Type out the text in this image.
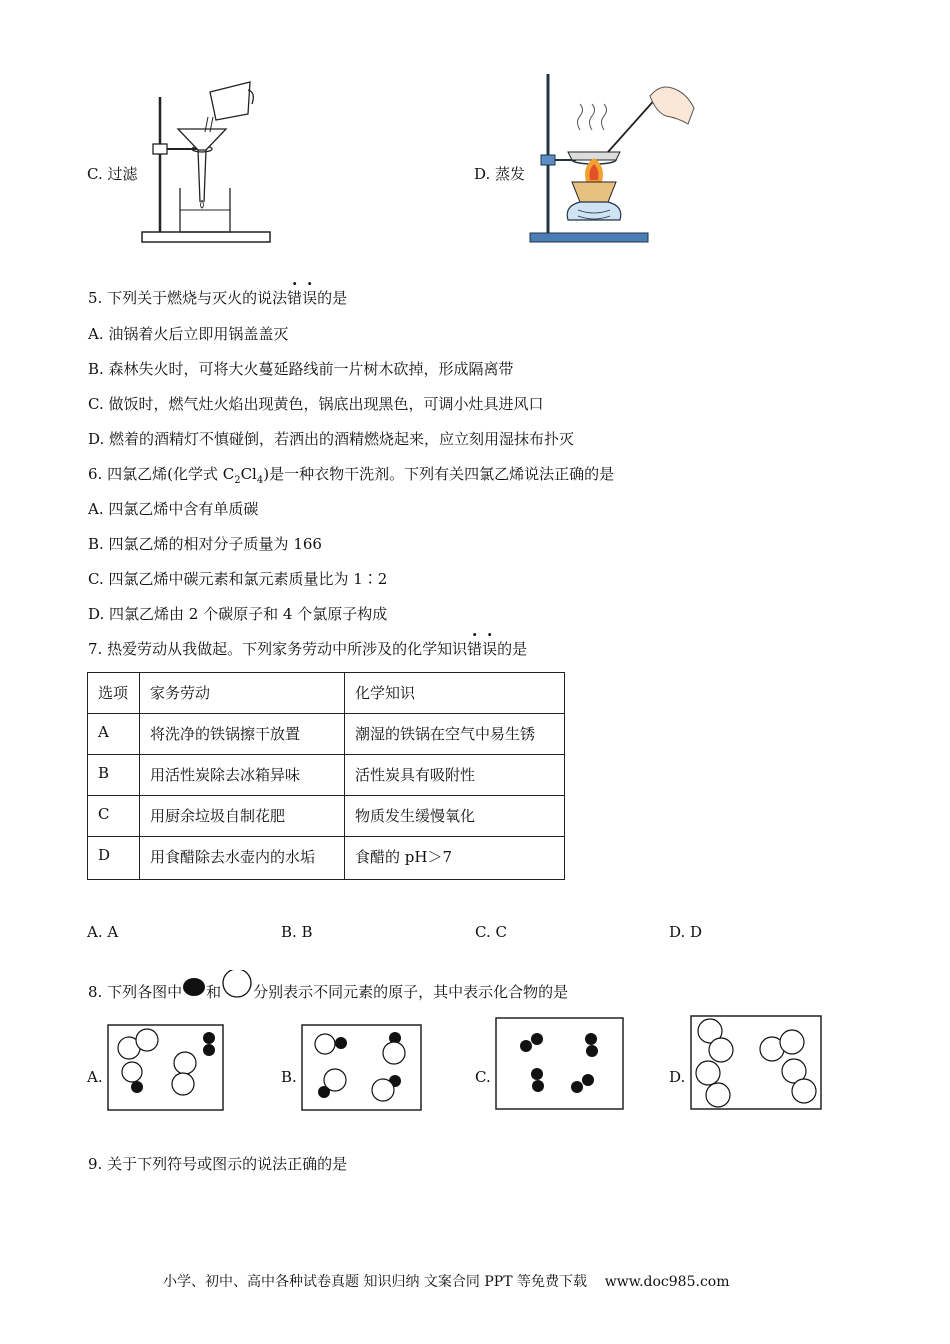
C. 过滤	D. 蒸发
5. 下列关于燃烧与灭火的说法错误的是
A. 油锅着火后立即用锅盖盖灭
B. 森林失火时，可将大火蔓延路线前一片树木砍掉，形成隔离带
C. 做饭时，燃气灶火焰出现黄色，锅底出现黑色，可调小灶具进风口
D. 燃着的酒精灯不慎碰倒，若洒出的酒精燃烧起来，应立刻用湿抹布扑灭
6. 四氯乙烯(化学式 $C_2Cl_4$)是一种衣物干洗剂。下列有关四氯乙烯说法正确的是
A. 四氯乙烯中含有单质碳
B. 四氯乙烯的相对分子质量为 166
C. 四氯乙烯中碳元素和氯元素质量比为 1∶2
D. 四氯乙烯由 2 个碳原子和 4 个氯原子构成
7. 热爱劳动从我做起。下列家务劳动中所涉及的化学知识错误的是
选项	家务劳动	化学知识
A	将洗净的铁锅擦干放置	潮湿的铁锅在空气中易生锈
B	用活性炭除去冰箱异味	活性炭具有吸附性
C	用厨余垃圾自制花肥	物质发生缓慢氧化
D	用食醋除去水壶内的水垢	食醋的 pH＞7
A. A	B. B	C. C	D. D
8. 下列各图中 和 分别表示不同元素的原子，其中表示化合物的是
A.	B.	C.	D.
9. 关于下列符号或图示的说法正确的是
小学、初中、高中各种试卷真题 知识归纳 文案合同 PPT 等免费下载 www.doc985.com
